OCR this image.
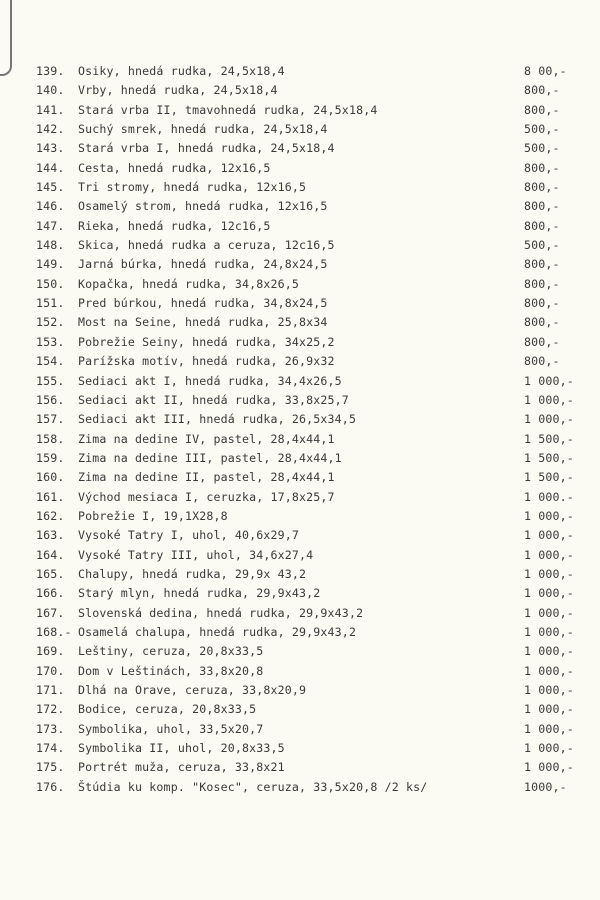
139.	Osiky, hnedá rudka, 24,5x18,4	8 00,-
140.	Vrby, hnedá rudka, 24,5x18,4	800,-
141.	Stará vrba II, tmavohnedá rudka, 24,5x18,4	800,-
142.	Suchý smrek, hnedá rudka, 24,5x18,4	500,-
143.	Stará vrba I, hnedá rudka, 24,5x18,4	500,-
144.	Cesta, hnedá rudka, 12x16,5	800,-
145.	Tri stromy, hnedá rudka, 12x16,5	800,-
146.	Osamelý strom, hnedá rudka, 12x16,5	800,-
147.	Rieka, hnedá rudka, 12c16,5	800,-
148.	Skica, hnedá rudka a ceruza, 12c16,5	500,-
149.	Jarná búrka, hnedá rudka, 24,8x24,5	800,-
150.	Kopačka, hnedá rudka, 34,8x26,5	800,-
151.	Pred búrkou, hnedá rudka, 34,8x24,5	800,-
152.	Most na Seine, hnedá rudka, 25,8x34	800,-
153.	Pobrežie Seiny, hnedá rudka, 34x25,2	800,-
154.	Parížska motív, hnedá rudka, 26,9x32	800,-
155.	Sediaci akt I, hnedá rudka, 34,4x26,5	1 000,-
156.	Sediaci akt II, hnedá rudka, 33,8x25,7	1 000,-
157.	Sediaci akt III, hnedá rudka, 26,5x34,5	1 000,-
158.	Zima na dedine IV, pastel, 28,4x44,1	1 500,-
159.	Zima na dedine III, pastel, 28,4x44,1	1 500,-
160.	Zima na dedine II, pastel, 28,4x44,1	1 500,-
161.	Východ mesiaca I, ceruzka, 17,8x25,7	1 000.-
162.	Pobrežie I, 19,1X28,8	1 000,-
163.	Vysoké Tatry I, uhol, 40,6x29,7	1 000,-
164.	Vysoké Tatry III, uhol, 34,6x27,4	1 000,-
165.	Chalupy, hnedá rudka, 29,9x 43,2	1 000,-
166.	Starý mlyn, hnedá rudka, 29,9x43,2	1 000,-
167.	Slovenská dedina, hnedá rudka, 29,9x43,2	1 000,-
168.- Osamelá chalupa, hnedá rudka, 29,9x43,2	1 000,-
169.	Leštiny, ceruza, 20,8x33,5	1 000,-
170.	Dom v Leštinách, 33,8x20,8	1 000,-
171.	Dlhá na Orave, ceruza, 33,8x20,9	1 000,-
172.	Bodice, ceruza, 20,8x33,5	1 000,-
173.	Symbolika, uhol, 33,5x20,7	1 000,-
174.	Symbolika II, uhol, 20,8x33,5	1 000,-
175.	Portrét muža, ceruza, 33,8x21	1 000,-
176.	Štúdia ku komp. "Kosec", ceruza, 33,5x20,8 /2 ks/	1000,-
